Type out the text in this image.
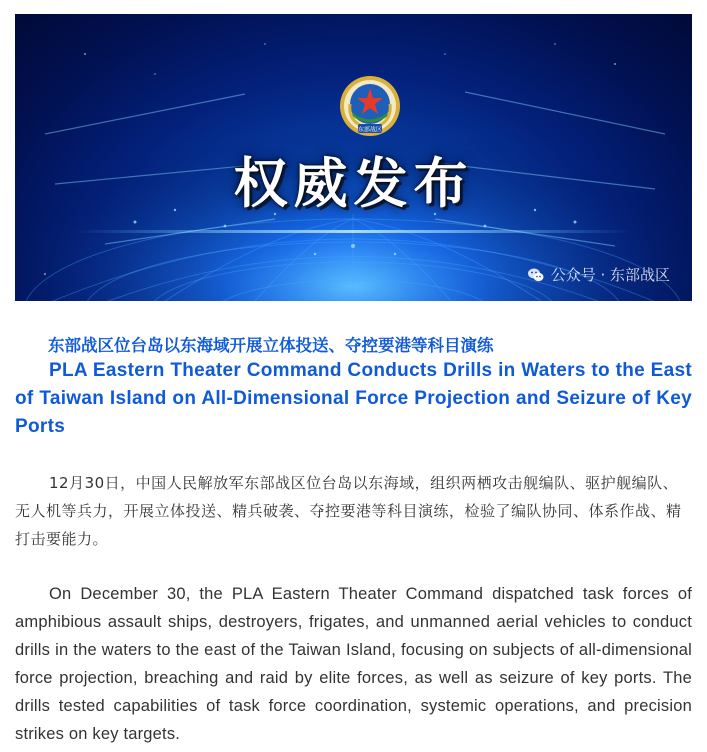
东部战区
权威发布
公众号 · 东部战区
东部战区位台岛以东海域开展立体投送、夺控要港等科目演练
PLA Eastern Theater Command Conducts Drills in Waters to the East of Taiwan Island on All-Dimensional Force Projection and Seizure of Key Ports
12月30日，中国人民解放军东部战区位台岛以东海域，组织两栖攻击舰编队、驱护舰编队、无人机等兵力，开展立体投送、精兵破袭、夺控要港等科目演练，检验了编队协同、体系作战、精打击要能力。
On December 30, the PLA Eastern Theater Command dispatched task forces of amphibious assault ships, destroyers, frigates, and unmanned aerial vehicles to conduct drills in the waters to the east of the Taiwan Island, focusing on subjects of all-dimensional force projection, breaching and raid by elite forces, as well as seizure of key ports. The drills tested capabilities of task force coordination, systemic operations, and precision strikes on key targets.
